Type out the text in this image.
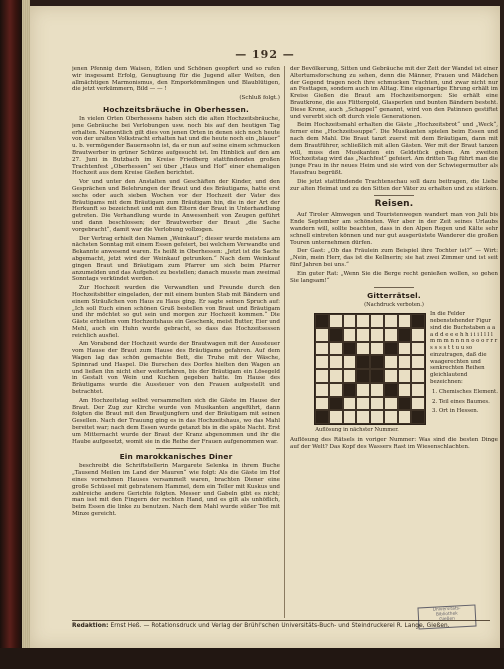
— 192 —

jenen Pfennig dem Waisen, Edlen und Schönen geopfert und so rufen wir insgesamt Erfolg, Genugtuung für die Jugend aller Welten, den allmächtigen Marmonismus, den Emporkömmlingen und Blaublütigen, die jetzt verkümmern, Bild — — !

(Schluß folgt.)

Hochzeitsbräuche in Oberhessen.

In vielen Orten Oberhessens haben sich die alten Hochzeitsbräuche, jene Gebräuche bei Verlobungen usw. noch bis auf den heutigen Tag erhalten. Namentlich gilt dies von jenen Orten in denen sich noch heute von der uralten Volkstracht erhalten hat und die heute noch ein „blauer“ u. b. vermögender Bauernsohn ist, da er nun auf seine einem schmucken Brautwerber in grüner Schürze aufgesucht ist. Im Hinblick auf den am 27. Juni in Butzbach im Kreise Friedberg stattfindenden großen Trachtenfest „Oberhessen“ sei über „Haus und Hof“ einer ehemaligen Hochzeit aus dem Kreise Gießen berichtet.

Vor und unter den Anstalten und Geschäften der Kinder, und den Gesprächen und Belehrungen der Braut und des Bräutigams, hatte erst sechs oder auch sieben Wochen vor der Hochzeit der Vater des Bräutigams mit dem Bräutigam zum Bräutigam hin, die in der Art der Herkunft so bezeichnet und mit den Eltern der Braut in Unterhandlung getreten. Die Verhandlung wurde in Anwesenheit von Zeugen geführt und dann beschlossen; der Brautwerber der Braut „die Sache vorgebracht“, damit war die Verlobung vollzogen.

Der Vertrag erhielt den Namen „Weinkauf“; dieser wurde meistens am nächsten Sonntag mit einem Essen gefeiert, bei welchem Verwandte und Bekannte anwesend waren. Es heißt in Oberhessen: „Jetzt ist die Sache abgemacht, jetzt wird der Weinkauf getrunken.“ Nach dem Weinkauf gingen Braut und Bräutigam zum Pfarrer um sich beim Pfarrer anzumelden und das Aufgebot zu bestellen; danach musste man zweimal Sonntags verkündet werden.

Zur Hochzeit wurden die Verwandten und Freunde durch den Hochzeitsbitter eingeladen, der mit einem bunten Stab mit Bändern und einem Sträußchen von Haus zu Haus ging. Er sagte seinen Spruch auf: „Ich soll Euch einen schönen Gruß bestellen von Braut und Bräutigam und ihr möchtet so gut sein und morgen zur Hochzeit kommen.“ Die Gäste erhielten vom Hochzeitshaus ein Geschenk, meist Butter, Eier und Mehl, auch ein Huhn wurde gebracht, so dass das Hochzeitsessen reichlich ausfiel.

Am Vorabend der Hochzeit wurde der Brautwagen mit der Aussteuer vom Hause der Braut zum Hause des Bräutigams gefahren. Auf dem Wagen lag das schön gemachte Bett, die Truhe mit der Wäsche, Spinnrad und Haspel. Die Burschen des Dorfes hielten den Wagen an und ließen ihn nicht eher weiterfahren, bis der Bräutigam ein Lösegeld in Gestalt von Wein und Kuchen gegeben hatte. Im Hause des Bräutigams wurde die Aussteuer von den Frauen aufgestellt und betrachtet.

Am Hochzeitstag selbst versammelten sich die Gäste im Hause der Braut. Der Zug zur Kirche wurde von Musikanten angeführt, dann folgten die Braut mit den Brautjungfern und der Bräutigam mit seinen Gesellen. Nach der Trauung ging es in das Hochzeitshaus, wo das Mahl bereitet war; nach dem Essen wurde getanzt bis in die späte Nacht. Erst um Mitternacht wurde der Braut der Kranz abgenommen und ihr die Haube aufgesetzt, womit sie in die Reihe der Frauen aufgenommen war.

Ein marokkanisches Diner

beschreibt die Schriftstellerin Margarete Selenka in ihrem Buche „Tausend Meilen im Land der Mauren“ wie folgt: Als die Gäste im Hof eines vornehmen Hauses versammelt waren, brachten Diener eine große Schüssel mit gebratenem Hammel, dem ein Teller mit Kuskus und zahlreiche andere Gerichte folgten. Messer und Gabeln gibt es nicht; man isst mit den Fingern der rechten Hand, und es gilt als unhöflich, beim Essen die linke zu benutzen. Nach dem Mahl wurde süßer Tee mit Minze gereicht.

der Bevölkerung, Sitten und Gebräuche mit der Zeit der Wandel ist einer Altertumsforschung zu sehen, denn die Männer, Frauen und Mädchen der Gegend tragen noch ihre schmucken Trachten, und zwar nicht nur an Festtagen, sondern auch im Alltag. Eine eigenartige Ehrung erhält im Kreise Gießen die Braut am Hochzeitsmorgen: Sie erhält eine Brautkrone, die aus Flittergold, Glasperlen und bunten Bändern besteht. Diese Krone, auch „Schappel“ genannt, wird von den Patinnen gestiftet und vererbt sich oft durch viele Generationen.

Beim Hochzeitsmahl erhalten die Gäste „Hochzeitsbrot“ und „Weck“, ferner eine „Hochzeitssuppe“. Die Musikanten spielen beim Essen und nach dem Mahl. Die Braut tanzt zuerst mit dem Bräutigam, dann mit dem Brautführer, schließlich mit allen Gästen. Wer mit der Braut tanzen will, muss den Musikanten ein Geldstück geben. Am zweiten Hochzeitstag wird das „Nachfest“ gefeiert. Am dritten Tag führt man die junge Frau in ihr neues Heim und sie wird von der Schwiegermutter als Hausfrau begrüßt.

Die jetzt stattfindende Trachtenschau soll dazu beitragen, die Liebe zur alten Heimat und zu den Sitten der Väter zu erhalten und zu stärken.

Reisen.

Auf Tiroler Almwegen und Touristenwegen wandert man von Juli bis Ende September am schönsten. Wer aber in der Zeit seines Urlaubs wandern will, sollte beachten, dass in den Alpen Regen und Kälte sehr schnell eintreten können und nur gut ausgerüstete Wanderer die großen Touren unternehmen dürfen.

Der Gast: „Ob das Fräulein zum Beispiel ihre Tochter ist?“ — Wirt: „Nein, mein Herr, das ist die Kellnerin; sie hat zwei Zimmer und ist seit fünf Jahren bei uns.“

Ein guter Rat: „Wenn Sie die Berge recht genießen wollen, so gehen Sie langsam!“

Gitterrätsel.
(Nachdruck verboten.)
Auflösung in nächster Nummer.
In die Felder nebenstehender Figur sind die Buchstaben a a a d d e e e h h i i i l l l l m m m n n n n o o o r r r s s s s t t u u so einzutragen, daß die waagerechten und senkrechten Reihen gleichlautend bezeichnen:
1. Chemisches Element.
2. Teil eines Baumes.
3. Ort in Hessen.

Auflösung des Rätsels in voriger Nummer: Was sind die besten Dinge auf der Welt? Das Kopf des Wassers Rast im Wiesenschlachten.

Redaktion: Ernst Heß. — Rotationsdruck und Verlag der Brühl'schen Universitäts-Buch- und Steindruckerei R. Lange, Gießen.
Universitäts-
Bibliothek
Gießen
